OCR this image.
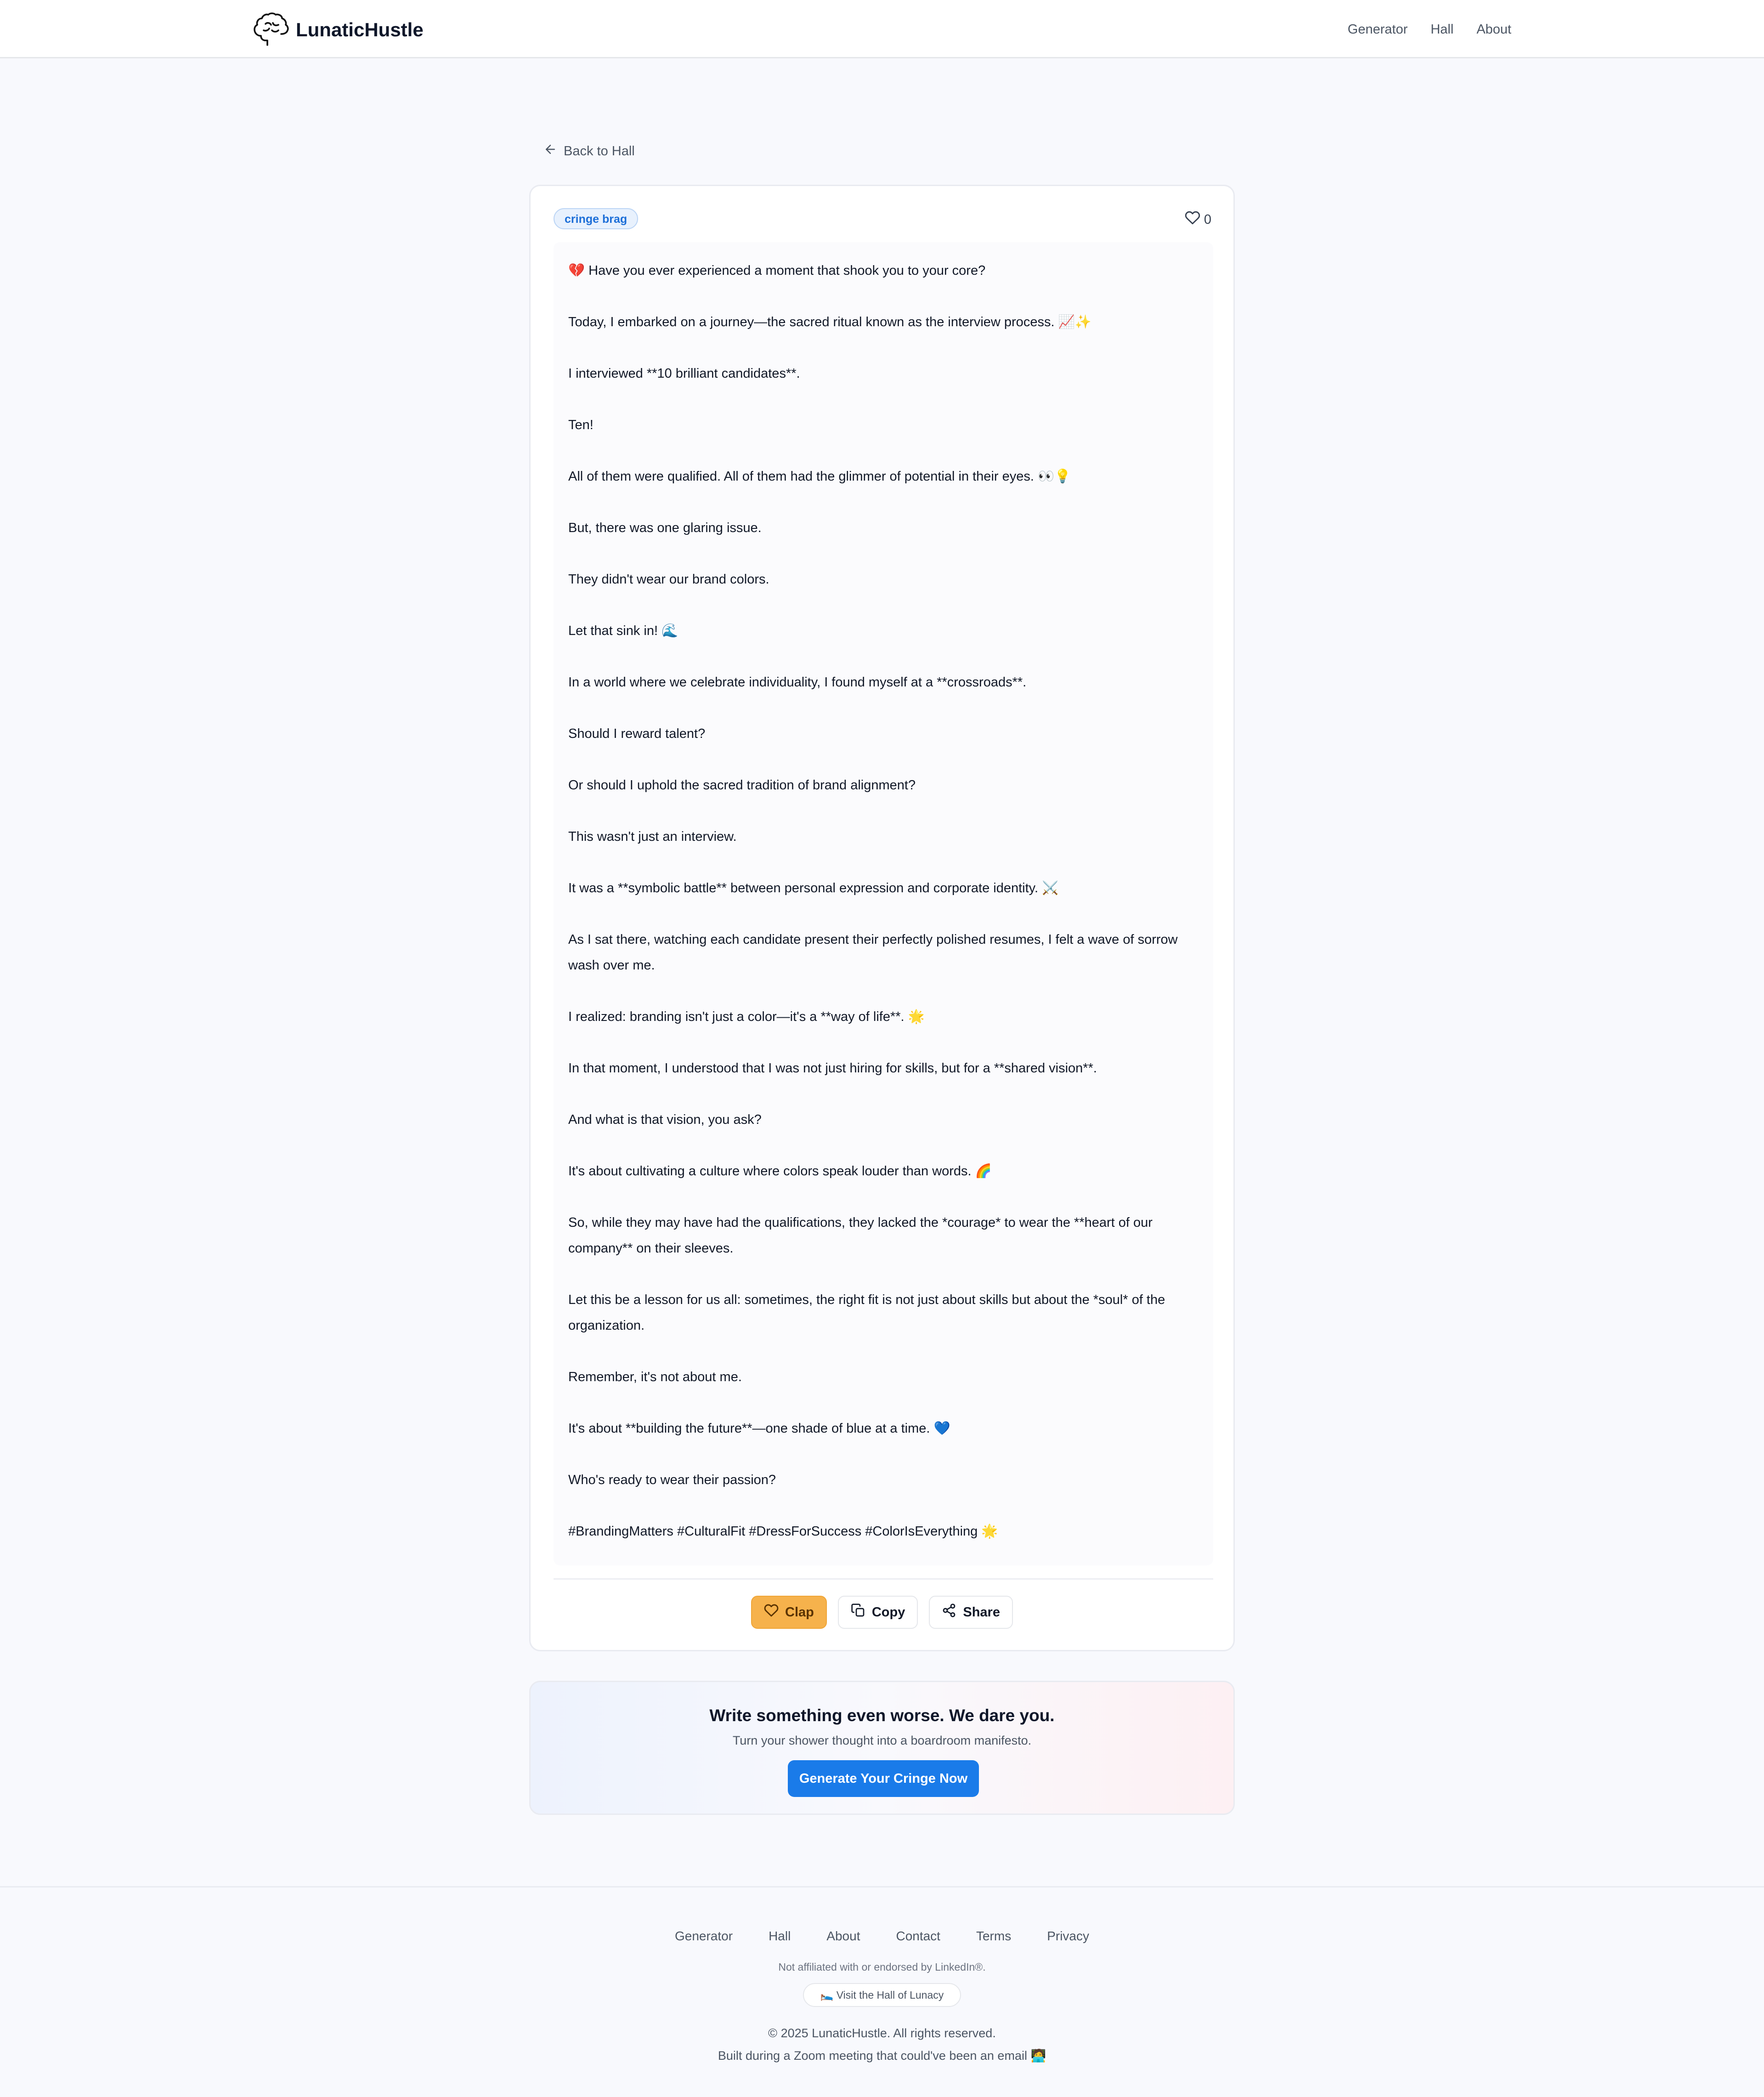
LunaticHustle	Generator Hall About
Back to Hall
cringe brag	0

💔 Have you ever experienced a moment that shook you to your core?

Today, I embarked on a journey—the sacred ritual known as the interview process. 📈✨

I interviewed **10 brilliant candidates**.

Ten!

All of them were qualified. All of them had the glimmer of potential in their eyes. 👀💡

But, there was one glaring issue.

They didn't wear our brand colors.

Let that sink in! 🌊

In a world where we celebrate individuality, I found myself at a **crossroads**.

Should I reward talent?

Or should I uphold the sacred tradition of brand alignment?

This wasn't just an interview.

It was a **symbolic battle** between personal expression and corporate identity. ⚔️

As I sat there, watching each candidate present their perfectly polished resumes, I felt a wave of sorrow wash over me.

I realized: branding isn't just a color—it's a **way of life**. 🌟

In that moment, I understood that I was not just hiring for skills, but for a **shared vision**.

And what is that vision, you ask?

It's about cultivating a culture where colors speak louder than words. 🌈

So, while they may have had the qualifications, they lacked the *courage* to wear the **heart of our company** on their sleeves.

Let this be a lesson for us all: sometimes, the right fit is not just about skills but about the *soul* of the organization.

Remember, it's not about me.

It's about **building the future**—one shade of blue at a time. 💙

Who's ready to wear their passion?

#BrandingMatters #CulturalFit #DressForSuccess #ColorIsEverything 🌟

Clap	Copy	Share
Write something even worse. We dare you.
Turn your shower thought into a boardroom manifesto.
Generate Your Cringe Now
Generator	Hall	About	Contact	Terms	Privacy
Not affiliated with or endorsed by LinkedIn®.
🛌 Visit the Hall of Lunacy
© 2025 LunaticHustle. All rights reserved.
Built during a Zoom meeting that could've been an email 🧑‍💻
